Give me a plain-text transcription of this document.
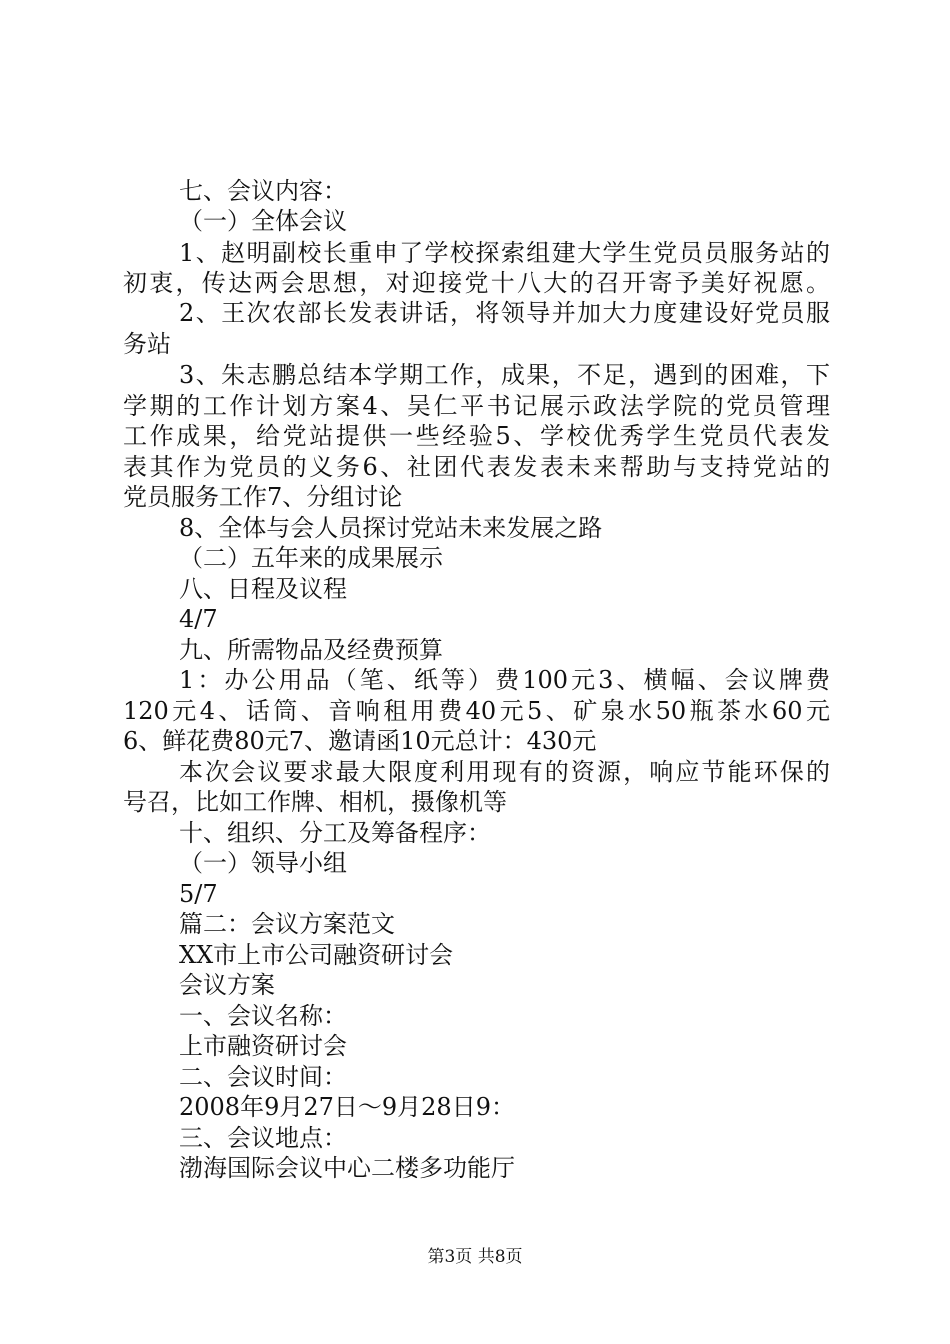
七、会议内容：
（一）全体会议
1、赵明副校长重申了学校探索组建大学生党员员服务站的
初衷，传达两会思想，对迎接党十八大的召开寄予美好祝愿。
2、王次农部长发表讲话，将领导并加大力度建设好党员服
务站
3、朱志鹏总结本学期工作，成果，不足，遇到的困难，下
学期的工作计划方案4、吴仁平书记展示政法学院的党员管理
工作成果，给党站提供一些经验5、学校优秀学生党员代表发
表其作为党员的义务6、社团代表发表未来帮助与支持党站的
党员服务工作7、分组讨论
8、全体与会人员探讨党站未来发展之路
（二）五年来的成果展示
八、日程及议程
4/7
九、所需物品及经费预算
1：办公用品（笔、纸等）费100元3、横幅、会议牌费
120元4、话筒、音响租用费40元5、矿泉水50瓶茶水60元
6、鲜花费80元7、邀请函10元总计：430元
本次会议要求最大限度利用现有的资源，响应节能环保的
号召，比如工作牌、相机，摄像机等
十、组织、分工及筹备程序：
（一）领导小组
5/7
篇二：会议方案范文
XX市上市公司融资研讨会
会议方案
一、会议名称：
上市融资研讨会
二、会议时间：
2008年9月27日～9月28日9：
三、会议地点：
渤海国际会议中心二楼多功能厅
第3页 共8页
